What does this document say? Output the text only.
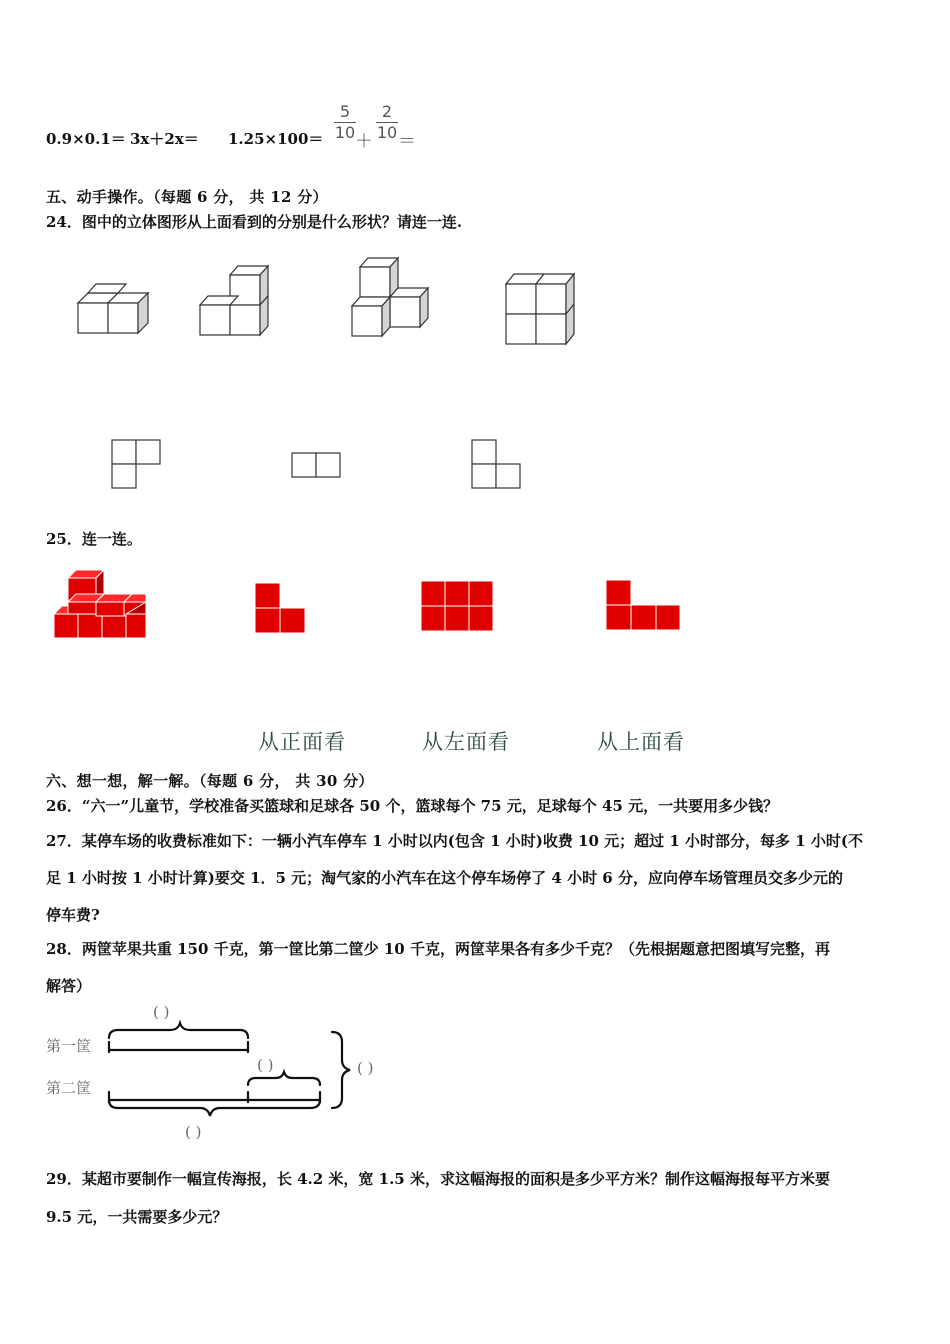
0.9×0.1＝ 3x＋2x＝ 1.25×100＝
5
10 ＋
2
10 ＝
五、动手操作。（每题 6 分， 共 12 分）
24．图中的立体图形从上面看到的分别是什么形状？请连一连.
25．连一连。
从正面看	从左面看	从上面看
六、想一想，解一解。（每题 6 分， 共 30 分）
26．“六一”儿童节，学校准备买篮球和足球各 50 个，篮球每个 75 元，足球每个 45 元，一共要用多少钱？
27．某停车场的收费标准如下：一辆小汽车停车 1 小时以内(包含 1 小时)收费 10 元；超过 1 小时部分，每多 1 小时(不
足 1 小时按 1 小时计算)要交 1．5 元；淘气家的小汽车在这个停车场停了 4 小时 6 分，应向停车场管理员交多少元的
停车费?
28．两筐苹果共重 150 千克，第一筐比第二筐少 10 千克，两筐苹果各有多少千克？（先根据题意把图填写完整，再
解答）
第一筐
第二筐
( )
( )	( )
( )
29．某超市要制作一幅宣传海报，长 4.2 米，宽 1.5 米，求这幅海报的面积是多少平方米？制作这幅海报每平方米要
9.5 元，一共需要多少元？
